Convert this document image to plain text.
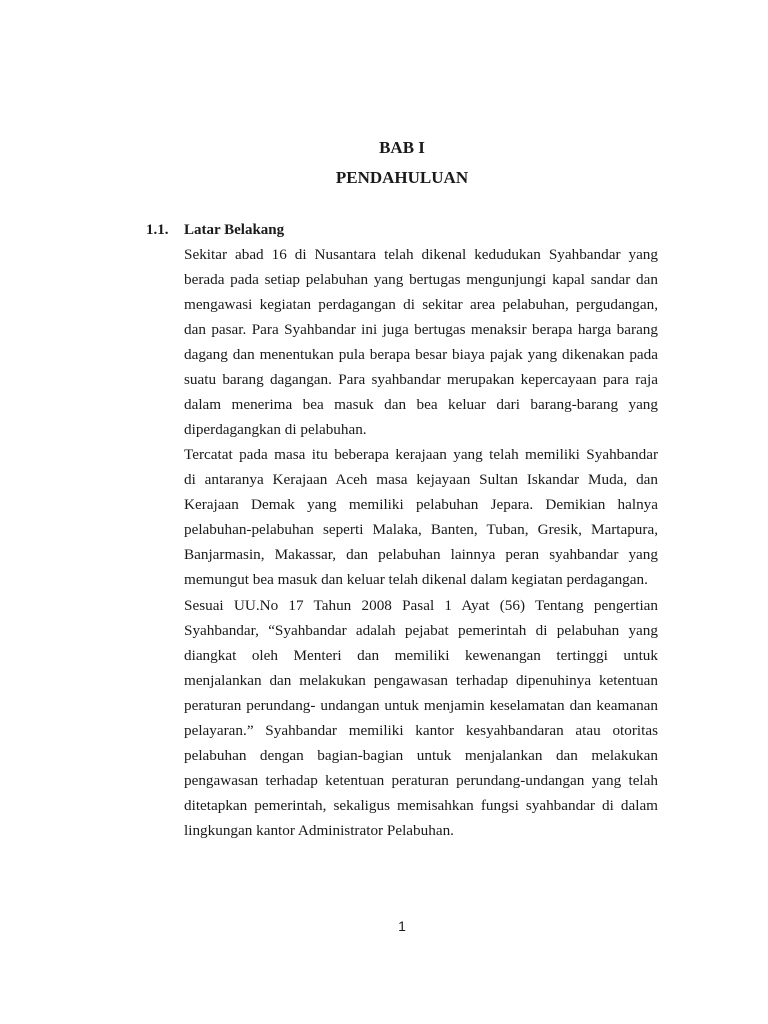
BAB I
PENDAHULUAN
1.1. Latar Belakang
Sekitar abad 16 di Nusantara telah dikenal kedudukan Syahbandar yang
berada pada setiap pelabuhan yang bertugas mengunjungi kapal sandar dan
mengawasi kegiatan perdagangan di sekitar area pelabuhan, pergudangan,
dan pasar. Para Syahbandar ini juga bertugas menaksir berapa harga barang
dagang dan menentukan pula berapa besar biaya pajak yang dikenakan pada
suatu barang dagangan. Para syahbandar merupakan kepercayaan para raja
dalam menerima bea masuk dan bea keluar dari barang-barang yang
diperdagangkan di pelabuhan.
Tercatat pada masa itu beberapa kerajaan yang telah memiliki Syahbandar
di antaranya Kerajaan Aceh masa kejayaan Sultan Iskandar Muda, dan
Kerajaan Demak yang memiliki pelabuhan Jepara. Demikian halnya
pelabuhan-pelabuhan seperti Malaka, Banten, Tuban, Gresik, Martapura,
Banjarmasin, Makassar, dan pelabuhan lainnya peran syahbandar yang
memungut bea masuk dan keluar telah dikenal dalam kegiatan perdagangan.
Sesuai UU.No 17 Tahun 2008 Pasal 1 Ayat (56) Tentang pengertian
Syahbandar, “Syahbandar adalah pejabat pemerintah di pelabuhan yang
diangkat oleh Menteri dan memiliki kewenangan tertinggi untuk
menjalankan dan melakukan pengawasan terhadap dipenuhinya ketentuan
peraturan perundang- undangan untuk menjamin keselamatan dan keamanan
pelayaran.” Syahbandar memiliki kantor kesyahbandaran atau otoritas
pelabuhan dengan bagian-bagian untuk menjalankan dan melakukan
pengawasan terhadap ketentuan peraturan perundang-undangan yang telah
ditetapkan pemerintah, sekaligus memisahkan fungsi syahbandar di dalam
lingkungan kantor Administrator Pelabuhan.
1
